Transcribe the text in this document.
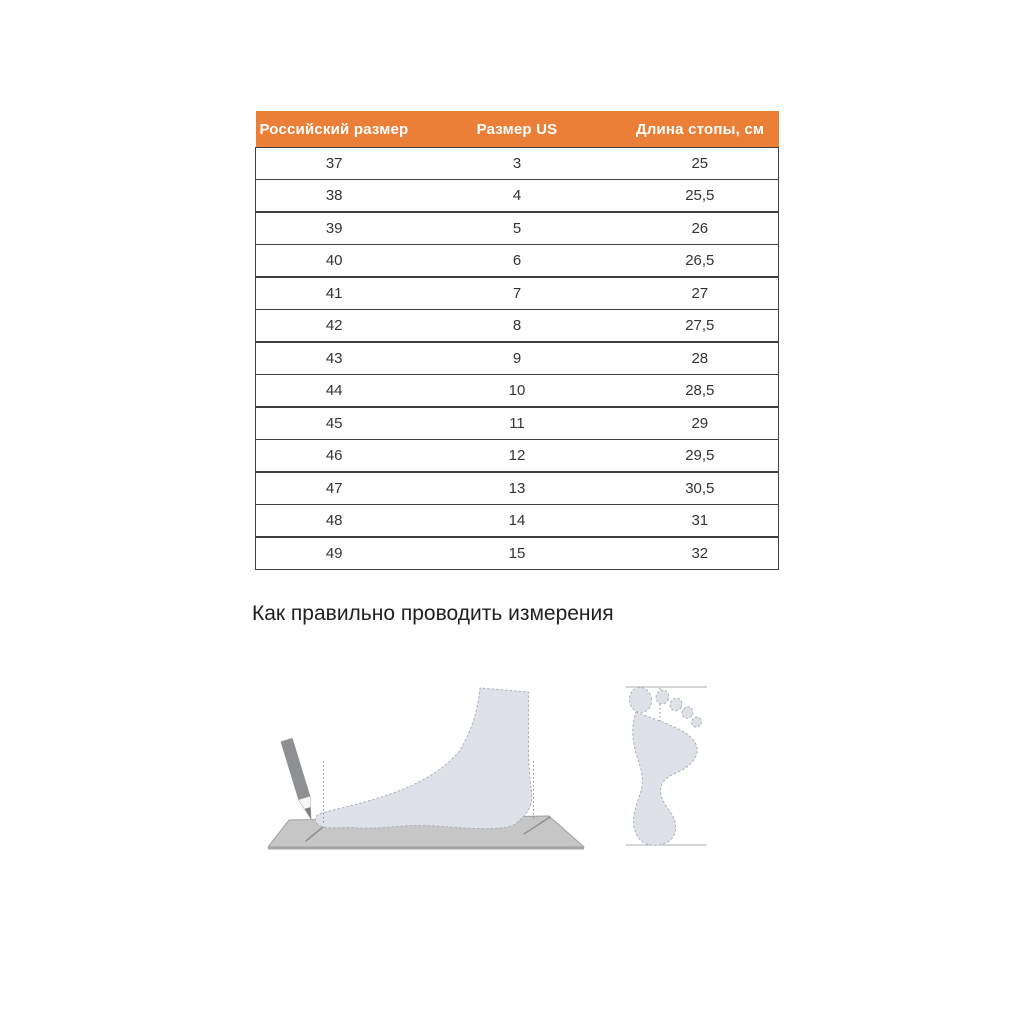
Российский размер	Размер US	Длина стопы, см
37	3	25
38	4	25,5
39	5	26
40	6	26,5
41	7	27
42	8	27,5
43	9	28
44	10	28,5
45	11	29
46	12	29,5
47	13	30,5
48	14	31
49	15	32
Как правильно проводить измерения
